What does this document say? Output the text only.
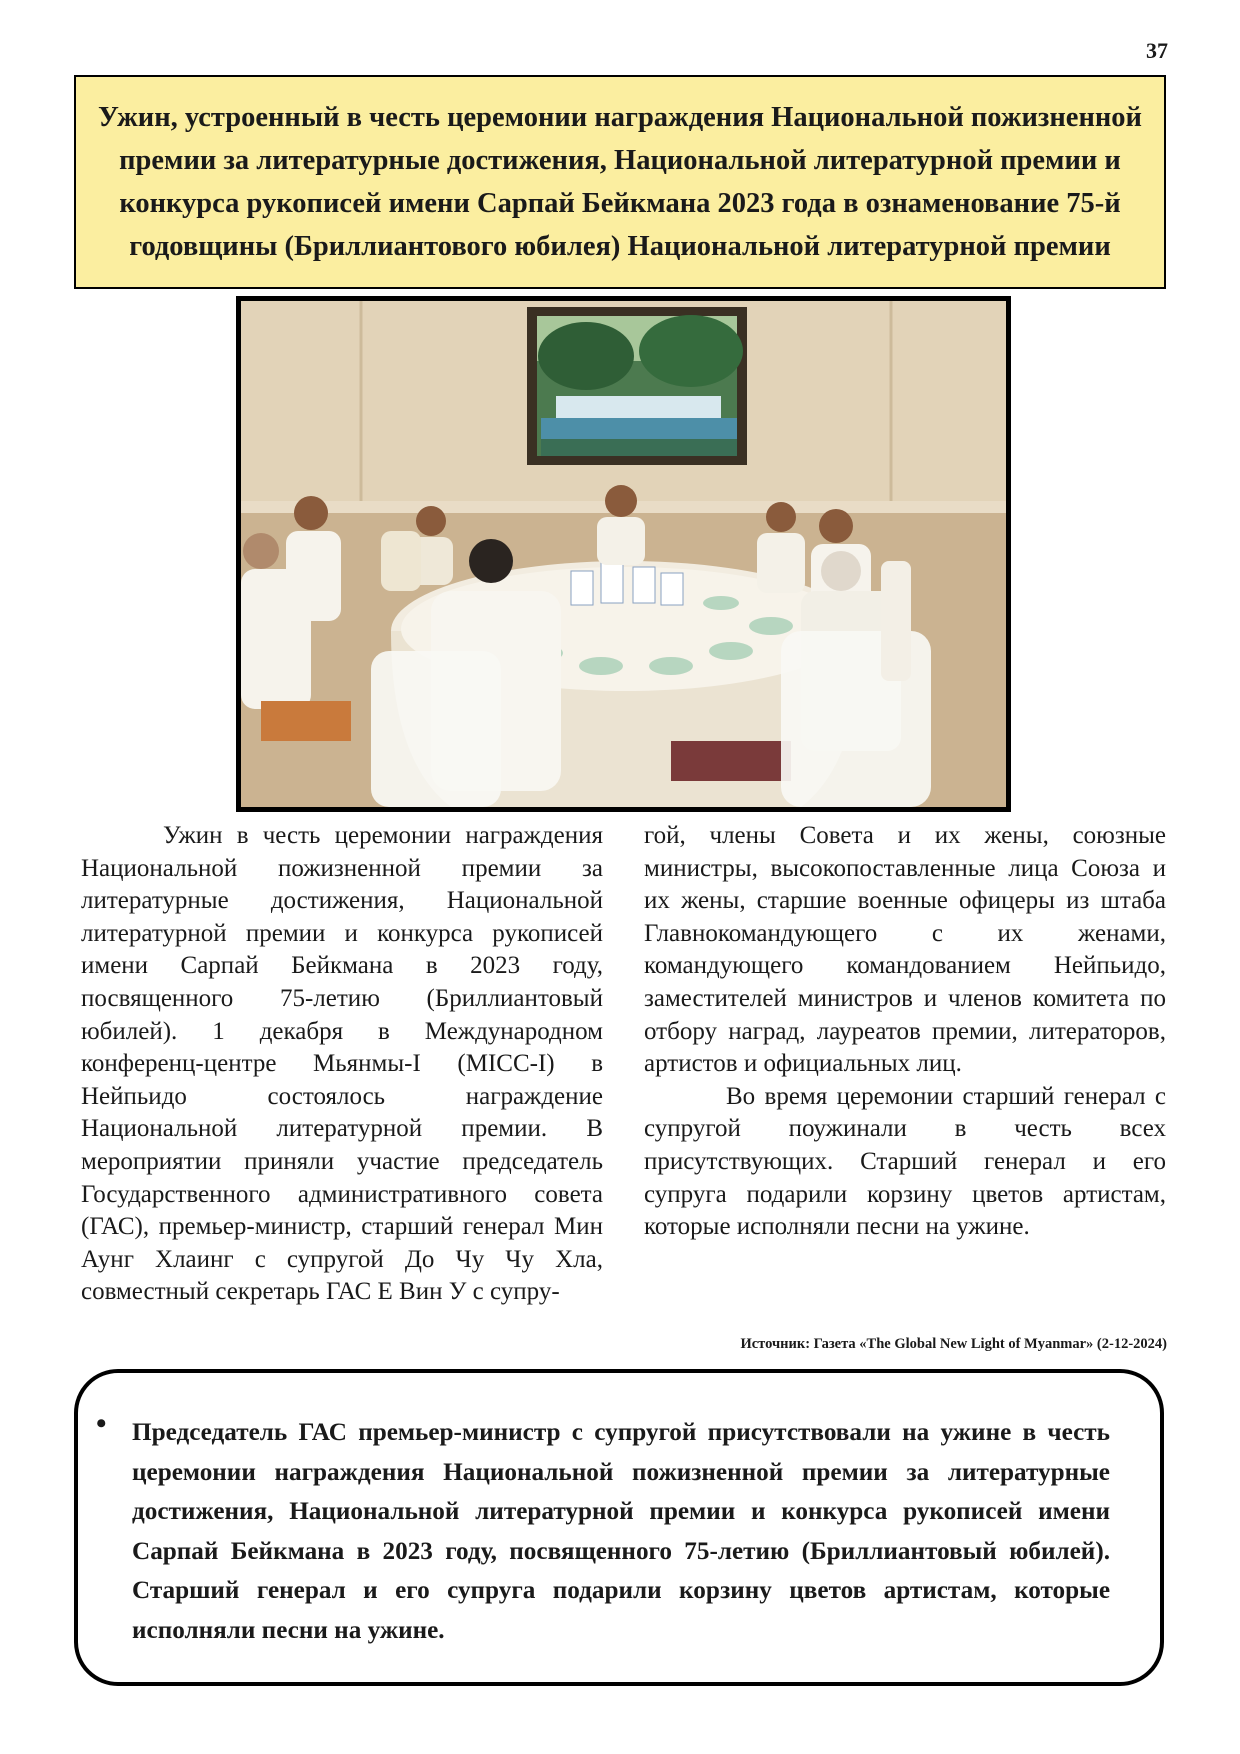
37
Ужин, устроенный в честь церемонии награждения Национальной пожизненной премии за литературные достижения, Национальной литературной премии и конкурса рукописей имени Сарпай Бейкмана 2023 года в ознаменование 75-й годовщины (Бриллиантового юбилея) Национальной литературной премии

Ужин в честь церемонии награждения Национальной пожизненной премии за литературные достижения, Национальной литературной премии и конкурса рукописей имени Сарпай Бейкмана в 2023 году, посвященного 75-летию (Бриллиантовый юбилей). 1 декабря в Международном конференц-центре Мьянмы-I (MICC-I) в Нейпьидо состоялось награждение Национальной литературной премии. В мероприятии приняли участие председатель Государственного административного совета (ГАС), премьер-министр, старший генерал Мин Аунг Хлаинг с супругой До Чу Чу Хла, совместный секретарь ГАС Е Вин У с супру-

гой, члены Совета и их жены, союзные министры, высокопоставленные лица Союза и их жены, старшие военные офицеры из штаба Главнокомандующего с их женами, командующего командованием Нейпьидо, заместителей министров и членов комитета по отбору наград, лауреатов премии, литераторов, артистов и официальных лиц.

Во время церемонии старший генерал с супругой поужинали в честь всех присутствующих. Старший генерал и его супруга подарили корзину цветов артистам, которые исполняли песни на ужине.

Источник: Газета «The Global New Light of Myanmar» (2-12-2024)
• Председатель ГАС премьер-министр с супругой присутствовали на ужине в честь церемонии награждения Национальной пожизненной премии за литературные достижения, Национальной литературной премии и конкурса рукописей имени Сарпай Бейкмана в 2023 году, посвященного 75-летию (Бриллиантовый юбилей). Старший генерал и его супруга подарили корзину цветов артистам, которые исполняли песни на ужине.
